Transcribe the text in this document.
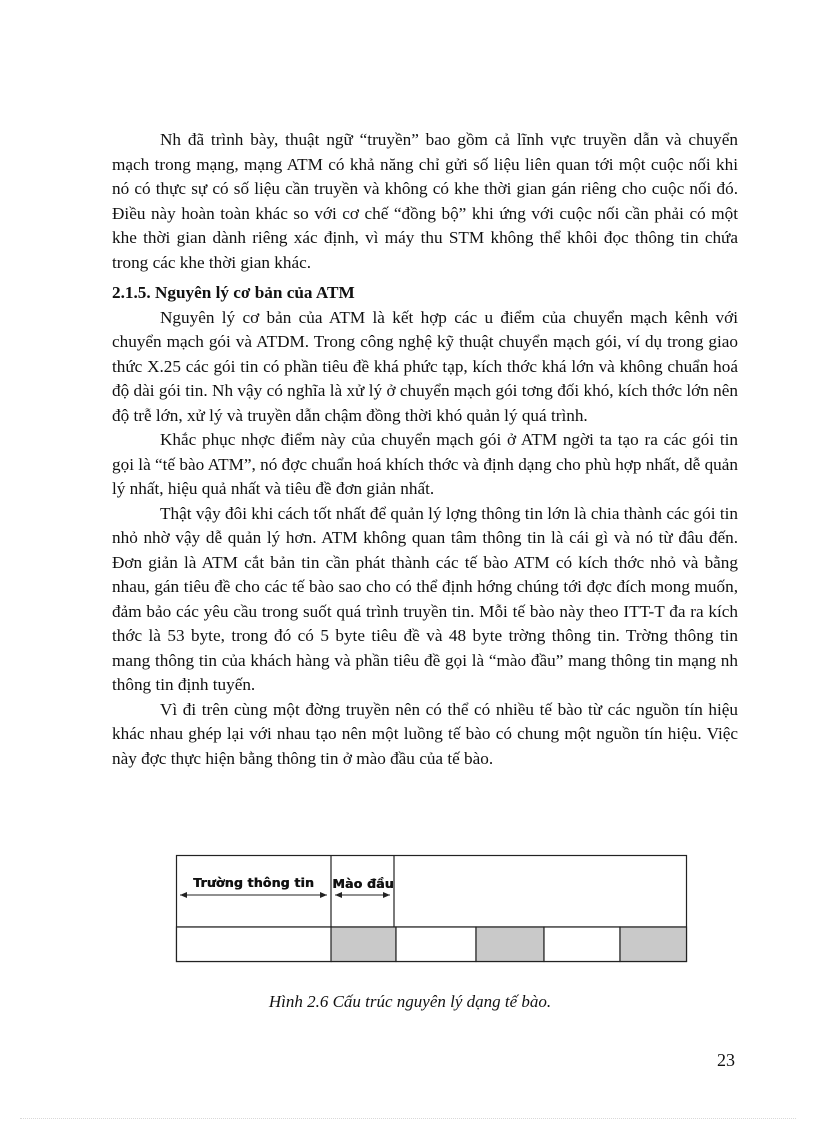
Nh đã trình bày, thuật ngữ “truyền” bao gồm cả lĩnh vực truyền dẫn và chuyển mạch trong mạng, mạng ATM có khả năng chỉ gửi số liệu liên quan tới một cuộc nối khi nó có thực sự có số liệu cần truyền và không có khe thời gian gán riêng cho cuộc nối đó. Điều này hoàn toàn khác so với cơ chế “đồng bộ” khi ứng với cuộc nối cần phải có một khe thời gian dành riêng xác định, vì máy thu STM không thể khôi đọc thông tin chứa trong các khe thời gian khác.

2.1.5. Nguyên lý cơ bản của ATM

Nguyên lý cơ bản của ATM là kết hợp các u điểm của chuyển mạch kênh với chuyển mạch gói và ATDM. Trong công nghệ kỹ thuật chuyển mạch gói, ví dụ trong giao thức X.25 các gói tin có phần tiêu đề khá phức tạp, kích thớc khá lớn và không chuẩn hoá độ dài gói tin. Nh vậy có nghĩa là xử lý ở chuyển mạch gói tơng đối khó, kích thớc lớn nên độ trễ lớn, xử lý và truyền dẫn chậm đồng thời khó quản lý quá trình.

Khắc phục nhợc điểm này của chuyển mạch gói ở ATM ngời ta tạo ra các gói tin gọi là “tế bào ATM”, nó đợc chuẩn hoá khích thớc và định dạng cho phù hợp nhất, dễ quản lý nhất, hiệu quả nhất và tiêu đề đơn giản nhất.

Thật vậy đôi khi cách tốt nhất để quản lý lợng thông tin lớn là chia thành các gói tin nhỏ nhờ vậy dễ quản lý hơn. ATM không quan tâm thông tin là cái gì và nó từ đâu đến. Đơn giản là ATM cắt bản tin cần phát thành các tế bào ATM có kích thớc nhỏ và bằng nhau, gán tiêu đề cho các tế bào sao cho có thể định hớng chúng tới đợc đích mong muốn, đảm bảo các yêu cầu trong suốt quá trình truyền tin. Mỗi tế bào này theo ITT-T đa ra kích thớc là 53 byte, trong đó có 5 byte tiêu đề và 48 byte trờng thông tin. Trờng thông tin mang thông tin của khách hàng và phần tiêu đề gọi là “mào đầu” mang thông tin mạng nh thông tin định tuyến.

Vì đi trên cùng một đờng truyền nên có thể có nhiều tế bào từ các nguồn tín hiệu khác nhau ghép lại với nhau tạo nên một luồng tế bào có chung một nguồn tín hiệu. Việc này đợc thực hiện bằng thông tin ở mào đầu của tế bào.

Trường thông tin	Mào đầu
Hình 2.6 Cấu trúc nguyên lý dạng tế bào.
23
